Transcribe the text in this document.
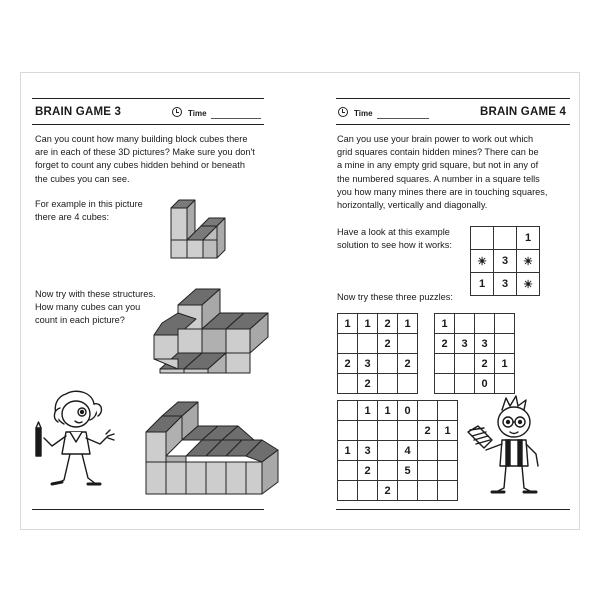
BRAIN GAME 3	Time

Can you count how many building block cubes there

are in each of these 3D pictures? Make sure you don't

forget to count any cubes hidden behind or beneath

the cubes you can see.

For example in this picture

there are 4 cubes:

Now try with these structures.

How many cubes can you

count in each picture?

Time	BRAIN GAME 4

Can you use your brain power to work out which

grid squares contain hidden mines? There can be

a mine in any empty grid square, but not in any of

the numbered squares. A number in a square tells

you how many mines there are in touching squares,

horizontally, vertically and diagonally.

Have a look at this example

solution to see how it works:

Now try these three puzzles:

		1
☀	3	☀
1	3	☀
1	1	2	1
		2	
2	3		2
	2		
1			
2	3	3	
		2	1
		0	
	1	1	0		
				2	1
1	3		4		
	2		5		
		2			
